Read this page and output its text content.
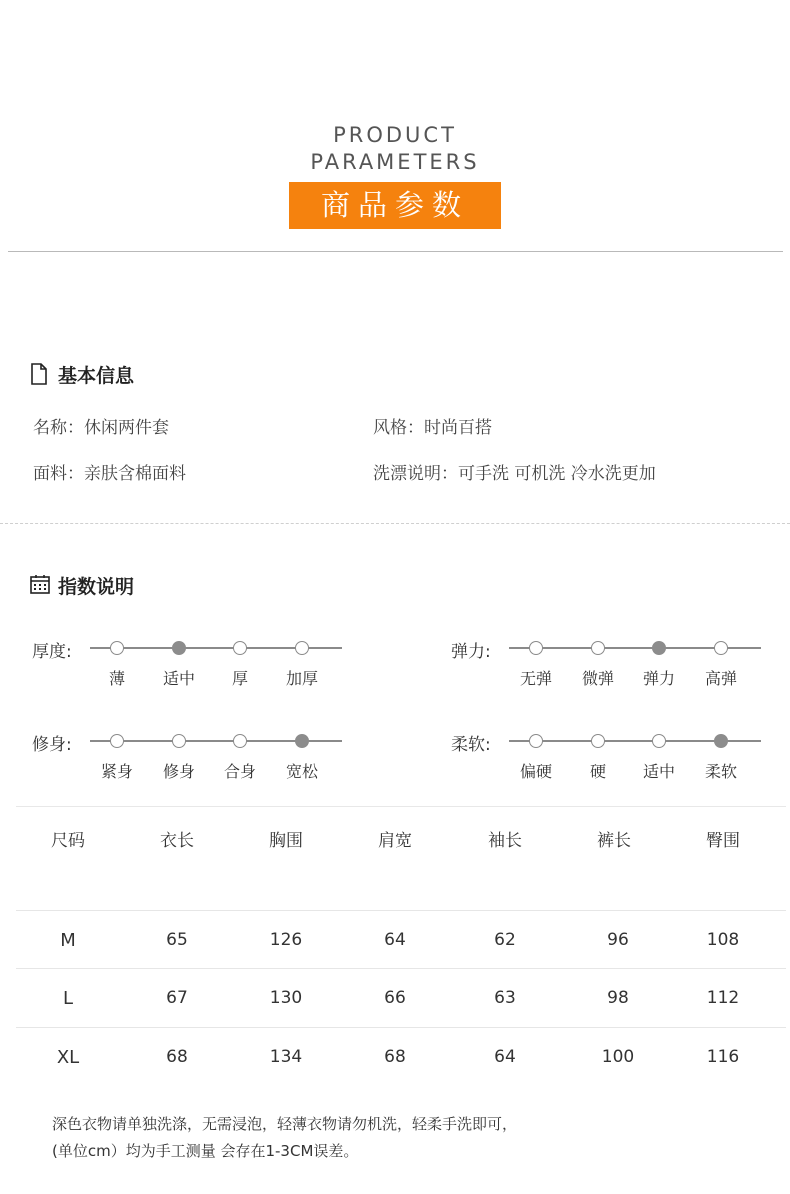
PRODUCT
PARAMETERS
商品参数
基本信息
名称：休闲两件套	风格：时尚百搭
面料：亲肤含棉面料	洗漂说明：可手洗 可机洗 冷水洗更加
指数说明
厚度:
薄	适中	厚	加厚
弹力:
无弹	微弹	弹力	高弹
修身:
紧身	修身	合身	宽松
柔软:
偏硬	硬	适中	柔软
尺码	衣长	胸围	肩宽	袖长	裤长	臀围
M	65	126	64	62	96	108
L	67	130	66	63	98	112
XL	68	134	68	64	100	116
深色衣物请单独洗涤，无需浸泡，轻薄衣物请勿机洗，轻柔手洗即可，
(单位cm）均为手工测量 会存在1-3CM误差。
